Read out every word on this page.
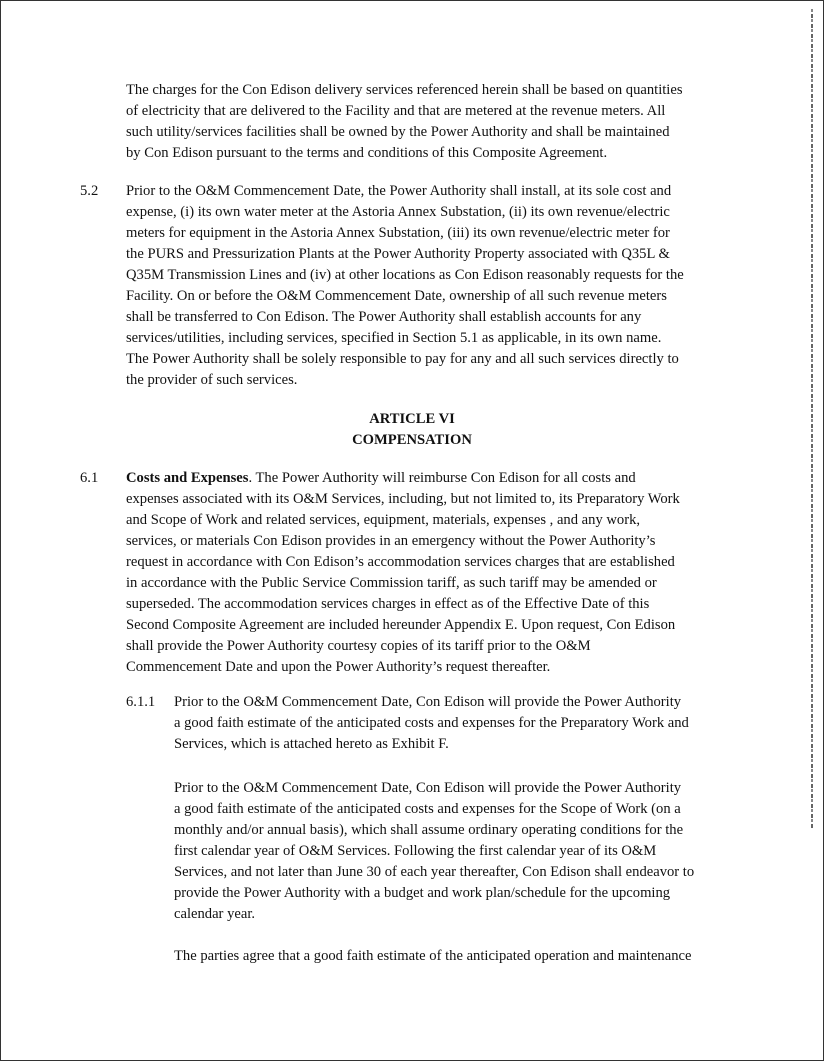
The charges for the Con Edison delivery services referenced herein shall be based on quantities
of electricity that are delivered to the Facility and that are metered at the revenue meters. All
such utility/services facilities shall be owned by the Power Authority and shall be maintained
by Con Edison pursuant to the terms and conditions of this Composite Agreement.
5.2 Prior to the O&M Commencement Date, the Power Authority shall install, at its sole cost and
expense, (i) its own water meter at the Astoria Annex Substation, (ii) its own revenue/electric
meters for equipment in the Astoria Annex Substation, (iii) its own revenue/electric meter for
the PURS and Pressurization Plants at the Power Authority Property associated with Q35L &
Q35M Transmission Lines and (iv) at other locations as Con Edison reasonably requests for the
Facility. On or before the O&M Commencement Date, ownership of all such revenue meters
shall be transferred to Con Edison. The Power Authority shall establish accounts for any
services/utilities, including services, specified in Section 5.1 as applicable, in its own name.
The Power Authority shall be solely responsible to pay for any and all such services directly to
the provider of such services.
ARTICLE VI
COMPENSATION
6.1 Costs and Expenses. The Power Authority will reimburse Con Edison for all costs and
expenses associated with its O&M Services, including, but not limited to, its Preparatory Work
and Scope of Work and related services, equipment, materials, expenses , and any work,
services, or materials Con Edison provides in an emergency without the Power Authority’s
request in accordance with Con Edison’s accommodation services charges that are established
in accordance with the Public Service Commission tariff, as such tariff may be amended or
superseded. The accommodation services charges in effect as of the Effective Date of this
Second Composite Agreement are included hereunder Appendix E. Upon request, Con Edison
shall provide the Power Authority courtesy copies of its tariff prior to the O&M
Commencement Date and upon the Power Authority’s request thereafter.
6.1.1 Prior to the O&M Commencement Date, Con Edison will provide the Power Authority
a good faith estimate of the anticipated costs and expenses for the Preparatory Work and
Services, which is attached hereto as Exhibit F.
Prior to the O&M Commencement Date, Con Edison will provide the Power Authority
a good faith estimate of the anticipated costs and expenses for the Scope of Work (on a
monthly and/or annual basis), which shall assume ordinary operating conditions for the
first calendar year of O&M Services. Following the first calendar year of its O&M
Services, and not later than June 30 of each year thereafter, Con Edison shall endeavor to
provide the Power Authority with a budget and work plan/schedule for the upcoming
calendar year.
The parties agree that a good faith estimate of the anticipated operation and maintenance
